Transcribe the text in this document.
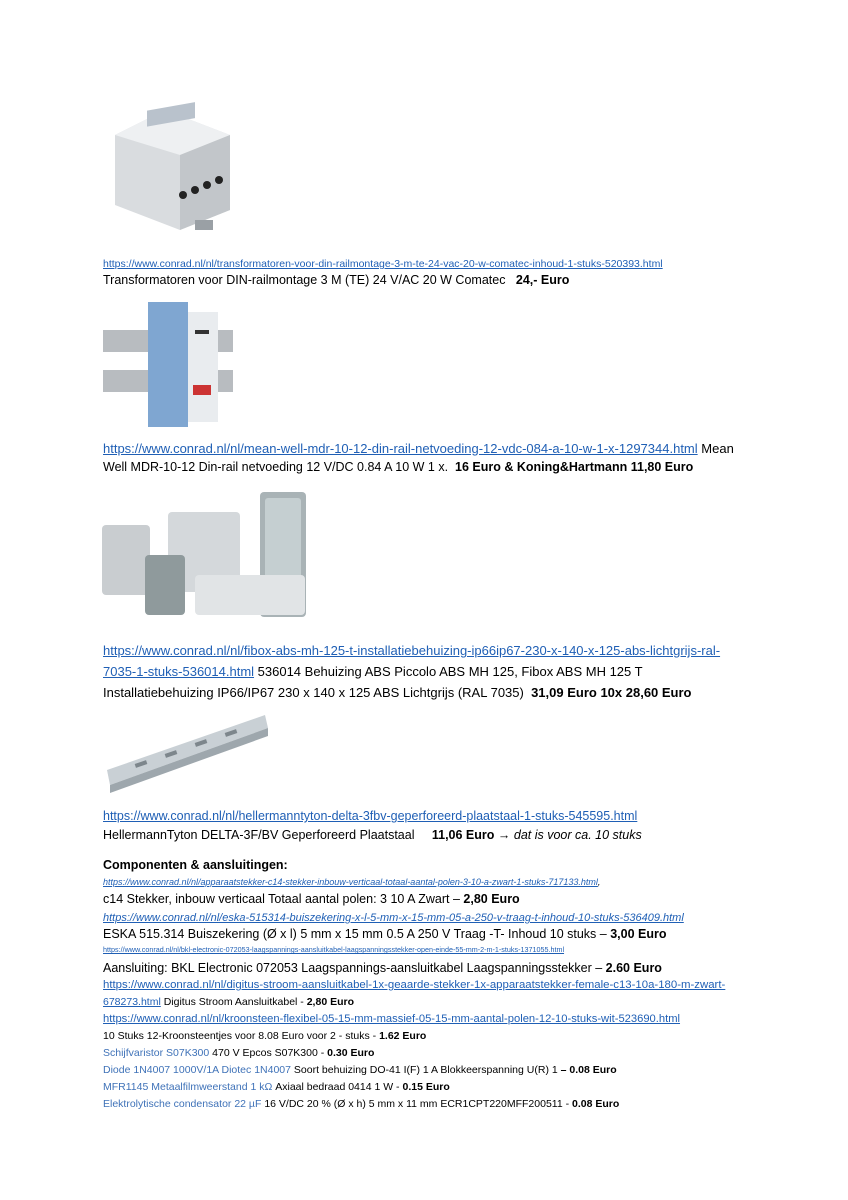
https://www.conrad.nl/nl/transformatoren-voor-din-railmontage-3-m-te-24-vac-20-w-comatec-inhoud-1-stuks-520393.html
Transformatoren voor DIN-railmontage 3 M (TE) 24 V/AC 20 W Comatec 24,- Euro
https://www.conrad.nl/nl/mean-well-mdr-10-12-din-rail-netvoeding-12-vdc-084-a-10-w-1-x-1297344.html Mean
Well MDR-10-12 Din-rail netvoeding 12 V/DC 0.84 A 10 W 1 x. 16 Euro & Koning&Hartmann 11,80 Euro
https://www.conrad.nl/nl/fibox-abs-mh-125-t-installatiebehuizing-ip66ip67-230-x-140-x-125-abs-lichtgrijs-ral-
7035-1-stuks-536014.html 536014 Behuizing ABS Piccolo ABS MH 125, Fibox ABS MH 125 T
Installatiebehuizing IP66/IP67 230 x 140 x 125 ABS Lichtgrijs (RAL 7035) 31,09 Euro 10x 28,60 Euro
https://www.conrad.nl/nl/hellermanntyton-delta-3fbv-geperforeerd-plaatstaal-1-stuks-545595.html
HellermannTyton DELTA-3F/BV Geperforeerd Plaatstaal 11,06 Euro → dat is voor ca. 10 stuks
Componenten & aansluitingen:
https://www.conrad.nl/nl/apparaatstekker-c14-stekker-inbouw-verticaal-totaal-aantal-polen-3-10-a-zwart-1-stuks-717133.html,
c14 Stekker, inbouw verticaal Totaal aantal polen: 3 10 A Zwart – 2,80 Euro
https://www.conrad.nl/nl/eska-515314-buiszekering-x-l-5-mm-x-15-mm-05-a-250-v-traag-t-inhoud-10-stuks-536409.html
ESKA 515.314 Buiszekering (Ø x l) 5 mm x 15 mm 0.5 A 250 V Traag -T- Inhoud 10 stuks – 3,00 Euro
https://www.conrad.nl/nl/bkl-electronic-072053-laagspannings-aansluitkabel-laagspanningsstekker-open-einde-55-mm-2-m-1-stuks-1371055.html
Aansluiting: BKL Electronic 072053 Laagspannings-aansluitkabel Laagspanningsstekker – 2.60 Euro
https://www.conrad.nl/nl/digitus-stroom-aansluitkabel-1x-geaarde-stekker-1x-apparaatstekker-female-c13-10a-180-m-zwart-
678273.html Digitus Stroom Aansluitkabel - 2,80 Euro
https://www.conrad.nl/nl/kroonsteen-flexibel-05-15-mm-massief-05-15-mm-aantal-polen-12-10-stuks-wit-523690.html
10 Stuks 12-Kroonsteentjes voor 8.08 Euro voor 2 - stuks - 1.62 Euro
Schijfvaristor S07K300 470 V Epcos S07K300 - 0.30 Euro
Diode 1N4007 1000V/1A Diotec 1N4007 Soort behuizing DO-41 I(F) 1 A Blokkeerspanning U(R) 1 – 0.08 Euro
MFR1145 Metaalfilmweerstand 1 kΩ Axiaal bedraad 0414 1 W - 0.15 Euro
Elektrolytische condensator 22 µF 16 V/DC 20 % (Ø x h) 5 mm x 11 mm ECR1CPT220MFF200511 - 0.08 Euro
